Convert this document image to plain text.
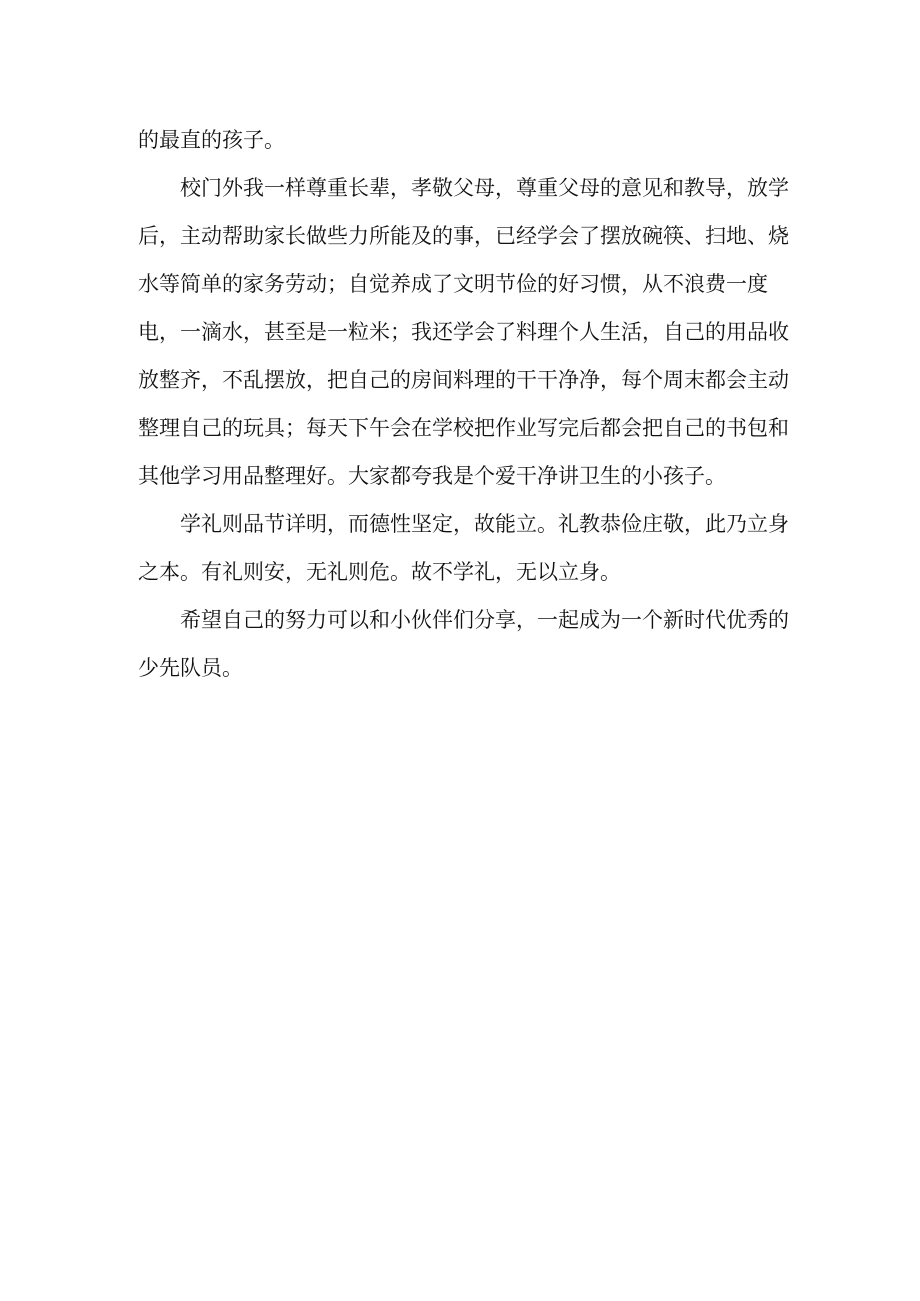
的最直的孩子。
校门外我一样尊重长辈，孝敬父母，尊重父母的意见和教导，放学
后，主动帮助家长做些力所能及的事，已经学会了摆放碗筷、扫地、烧
水等简单的家务劳动；自觉养成了文明节俭的好习惯，从不浪费一度
电，一滴水，甚至是一粒米；我还学会了料理个人生活，自己的用品收
放整齐，不乱摆放，把自己的房间料理的干干净净，每个周末都会主动
整理自己的玩具；每天下午会在学校把作业写完后都会把自己的书包和
其他学习用品整理好。大家都夸我是个爱干净讲卫生的小孩子。
学礼则品节详明，而德性坚定，故能立。礼教恭俭庄敬，此乃立身
之本。有礼则安，无礼则危。故不学礼，无以立身。
希望自己的努力可以和小伙伴们分享，一起成为一个新时代优秀的
少先队员。
